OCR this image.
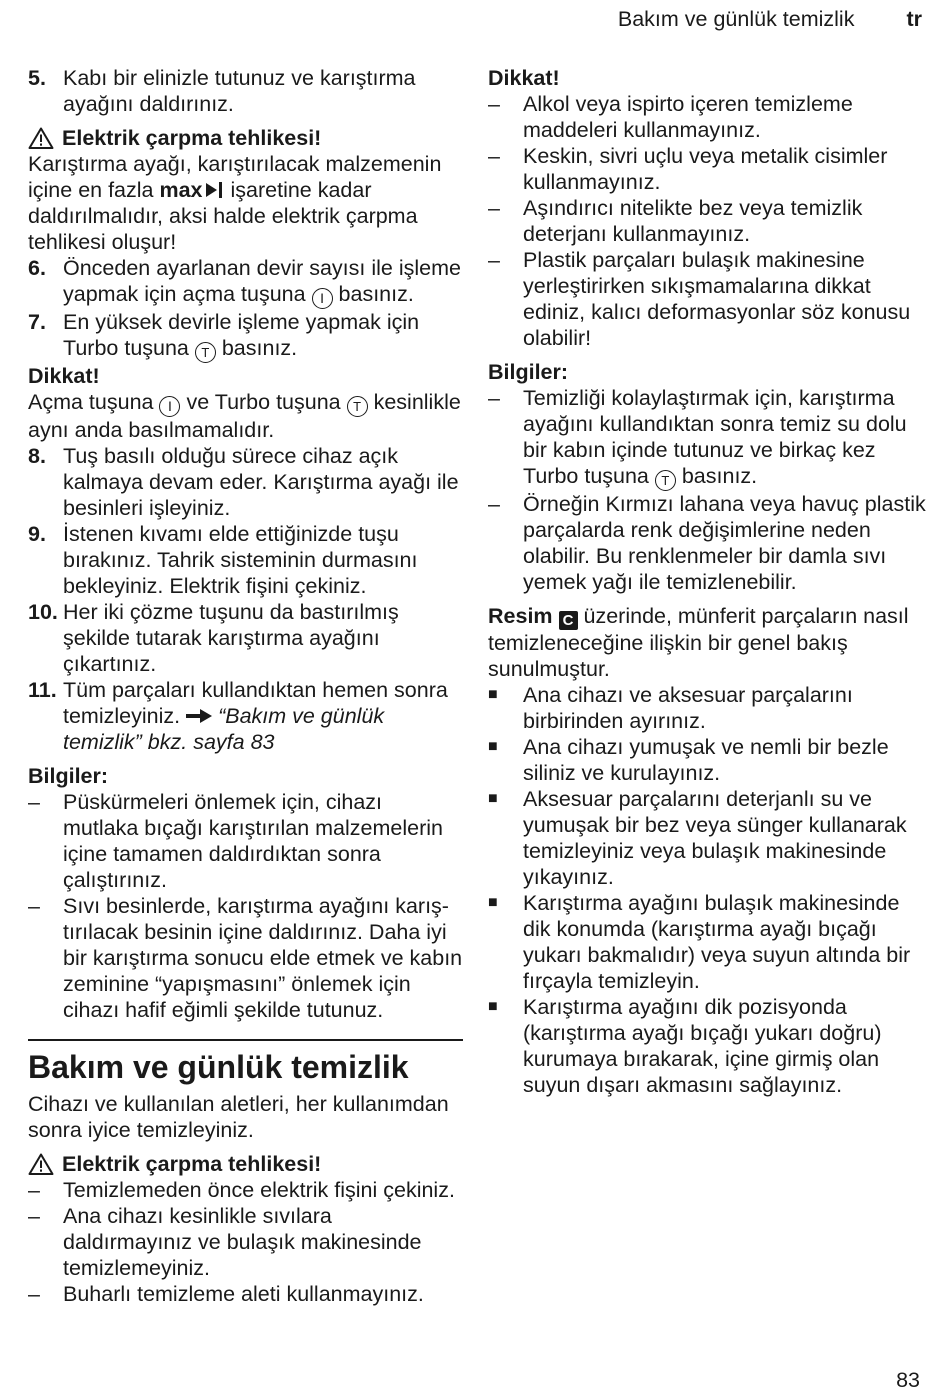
Bakım ve günlük temizlik tr
5. Kabı bir elinizle tutunuz ve karıştırma ayağını daldırınız.
Elektrik çarpma tehlikesi!

Karıştırma ayağı, karıştırılacak malzemenin içine en fazla max işaretine kadar daldırılmalıdır, aksi halde elektrik çarpma tehlikesi oluşur!

6. Önceden ayarlanan devir sayısı ile işleme yapmak için açma tuşuna I basınız.
7. En yüksek devirle işleme yapmak için Turbo tuşuna T basınız.

Dikkat!

Açma tuşuna I ve Turbo tuşuna T kesinlikle aynı anda basılmamalıdır.

8. Tuş basılı olduğu sürece cihaz açık kalmaya devam eder. Karıştırma ayağı ile besinleri işleyiniz.
9. İstenen kıvamı elde ettiğinizde tuşu bırakınız. Tahrik sisteminin durmasını bekleyiniz. Elektrik fişini çekiniz.
10. Her iki çözme tuşunu da bastırılmış şekilde tutarak karıştırma ayağını çıkartınız.
11. Tüm parçaları kullandıktan hemen sonra temizleyiniz. “Bakım ve günlük temizlik” bkz. sayfa 83

Bilgiler:

–	Püskürmeleri önlemek için, cihazı mutlaka bıçağı karıştırılan malzemelerin içine tamamen daldırdıktan sonra çalıştırınız.
–	Sıvı besinlerde, karıştırma ayağını karış-tırılacak besinin içine daldırınız. Daha iyi bir karıştırma sonucu elde etmek ve kabın zeminine “yapışmasını” önlemek için cihazı hafif eğimli şekilde tutunuz.
Bakım ve günlük temizlik

Cihazı ve kullanılan aletleri, her kullanımdan sonra iyice temizleyiniz.

Elektrik çarpma tehlikesi!
–	Temizlemeden önce elektrik fişini çekiniz.
–	Ana cihazı kesinlikle sıvılara daldırmayınız ve bulaşık makinesinde temizlemeyiniz.
–	Buharlı temizleme aleti kullanmayınız.

Dikkat!

–	Alkol veya ispirto içeren temizleme maddeleri kullanmayınız.
–	Keskin, sivri uçlu veya metalik cisimler kullanmayınız.
–	Aşındırıcı nitelikte bez veya temizlik deterjanı kullanmayınız.
–	Plastik parçaları bulaşık makinesine yerleştirirken sıkışmamalarına dikkat ediniz, kalıcı deformasyonlar söz konusu olabilir!

Bilgiler:

–	Temizliği kolaylaştırmak için, karıştırma ayağını kullandıktan sonra temiz su dolu bir kabın içinde tutunuz ve birkaç kez Turbo tuşuna T basınız.
–	Örneğin Kırmızı lahana veya havuç plastik parçalarda renk değişimlerine neden olabilir. Bu renklenmeler bir damla sıvı yemek yağı ile temizlenebilir.

Resim C üzerinde, münferit parçaların nasıl temizleneceğine ilişkin bir genel bakış sunulmuştur.

■	Ana cihazı ve aksesuar parçalarını birbirinden ayırınız.
■	Ana cihazı yumuşak ve nemli bir bezle siliniz ve kurulayınız.
■	Aksesuar parçalarını deterjanlı su ve yumuşak bir bez veya sünger kullanarak temizleyiniz veya bulaşık makinesinde yıkayınız.
■	Karıştırma ayağını bulaşık makinesinde dik konumda (karıştırma ayağı bıçağı yukarı bakmalıdır) veya suyun altında bir fırçayla temizleyin.
■	Karıştırma ayağını dik pozisyonda (karıştırma ayağı bıçağı yukarı doğru) kurumaya bırakarak, içine girmiş olan suyun dışarı akmasını sağlayınız.
83
